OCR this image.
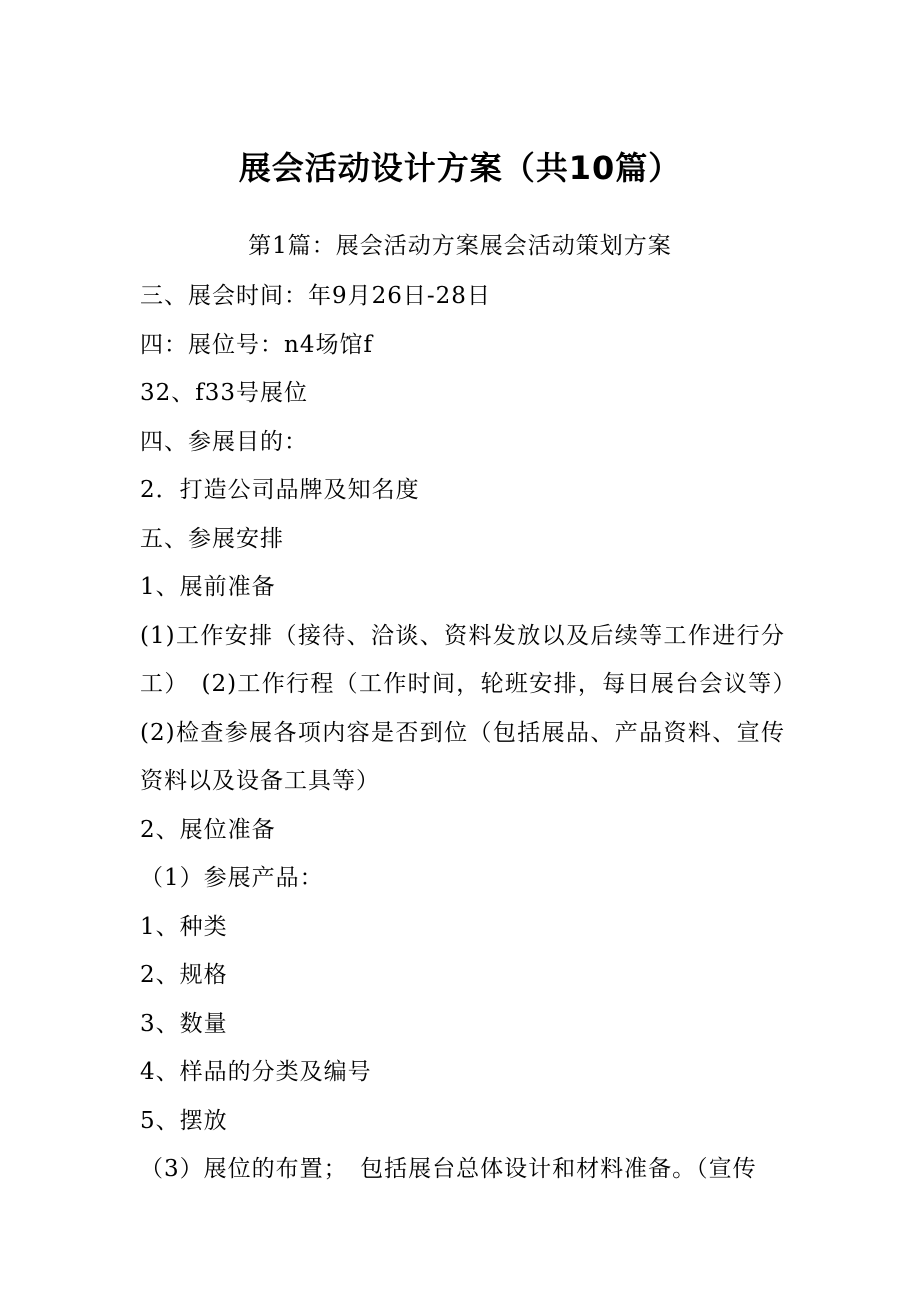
展会活动设计方案（共10篇）
第1篇：展会活动方案展会活动策划方案
三、展会时间：年9月26日-28日
四：展位号：n4场馆f
32、f33号展位
四、参展目的：
2．打造公司品牌及知名度
五、参展安排
1、展前准备
(1)工作安排（接待、洽谈、资料发放以及后续等工作进行分工）　(2)工作行程（工作时间，轮班安排，每日展台会议等）　(2)检查参展各项内容是否到位（包括展品、产品资料、宣传资料以及设备工具等）
2、展位准备
（1）参展产品：
1、种类
2、规格
3、数量
4、样品的分类及编号
5、摆放
（3）展位的布置；　包括展台总体设计和材料准备。（宣传
